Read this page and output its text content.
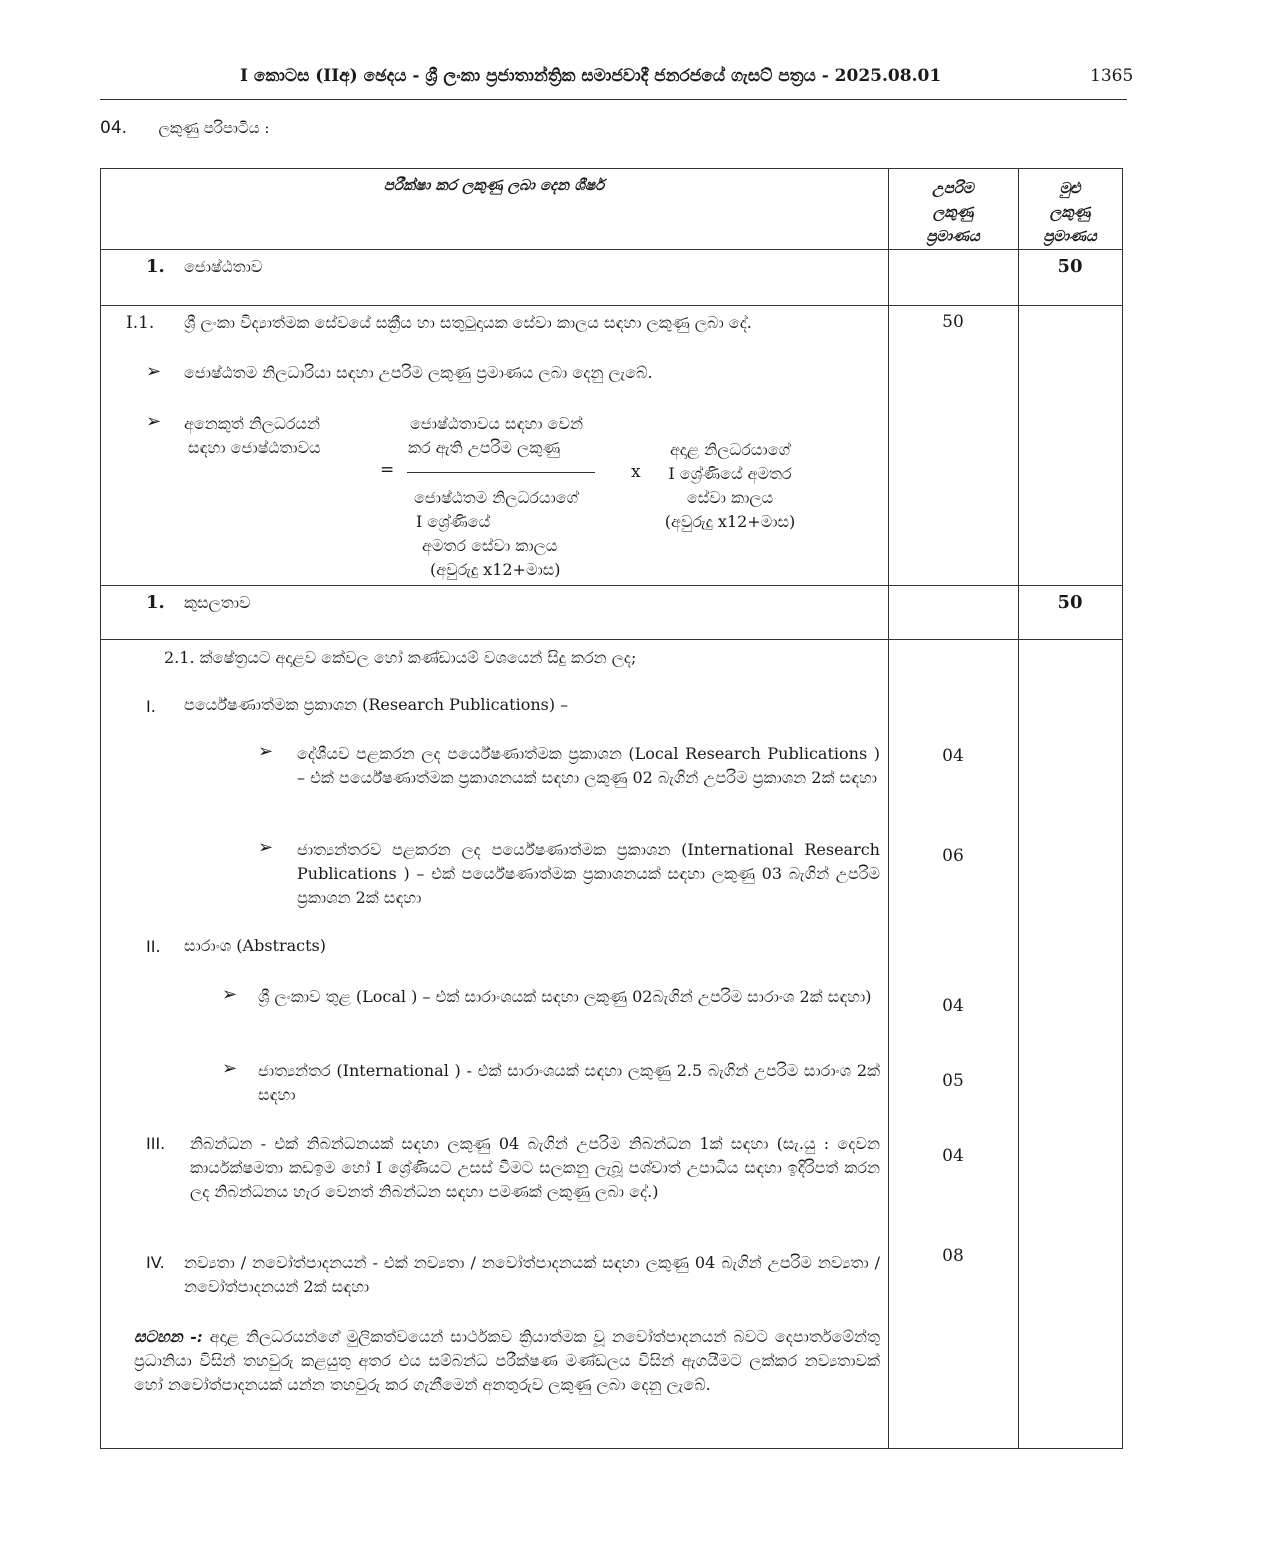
I කොටස (IIඅ) ඡෙදය - ශ්‍රී ලංකා ප්‍රජාතාන්ත්‍රික සමාජවාදී ජනරජයේ ගැසට් පත්‍රය - 2025.08.01	1365
04. ලකුණු පරිපාටිය :
පරීක්ෂා කර ලකුණු ලබා දෙන ශීර්ෂ	උපරිම
ලකුණු
ප්‍රමාණය
මුළු
ලකුණු
ප්‍රමාණය
1. ජොෂ්ඨතාව	50
I.1. ශ්‍රී ලංකා විද්‍යාත්මක සේවයේ සක්‍රීය හා සතුටුදායක සේවා කාලය සඳහා ලකුණු ලබා දේ.	50
➢ ජොෂ්ඨතම නිලධාරියා සඳහා උපරිම ලකුණු ප්‍රමාණය ලබා දෙනු ලැබේ.
➢ අනෙකුත් නිලධරයන්
සඳහා ජොෂ්ඨතාවය
=
ජොෂ්ඨතාවය සඳහා වෙන්
කර ඇති උපරිම ලකුණු
ජොෂ්ඨතම නිලධරයාගේ
I ශ්‍රේණියේ
අමතර සේවා කාලය
(අවුරුදු x12+මාස)
x
අදාළ නිලධරයාගේ
I ශ්‍රේණියේ අමතර
සේවා කාලය
(අවුරුදු x12+මාස)
1. කුසලතාව	50
2.1. ක්ෂේත්‍රයට අදාළව කේවල හෝ කණ්ඩායම් වශයෙන් සිදු කරන ලද;
I. පර්යේෂණාත්මක ප්‍රකාශන (Research Publications) –
➢ දේශීයව පළකරන ලද පර්යේෂණාත්මක ප්‍රකාශන (Local Research Publications ) – එක් පර්යේෂණාත්මක ප්‍රකාශනයක් සඳහා ලකුණු 02 බැගින් උපරිම ප්‍රකාශන 2ක් සඳහා
04
➢ ජාත්‍යන්තරව පළකරන ලද පර්යේෂණාත්මක ප්‍රකාශන (International Research Publications ) – එක් පර්යේෂණාත්මක ප්‍රකාශනයක් සඳහා ලකුණු 03 බැගින් උපරිම ප්‍රකාශන 2ක් සඳහා
06
II. සාරාංශ (Abstracts)
➢ ශ්‍රී ලංකාව තුළ (Local ) – එක් සාරාංශයක් සඳහා ලකුණු 02බැගින් උපරිම සාරාංශ 2ක් සඳහා)	04
➢ ජාත්‍යන්තර (International ) - එක් සාරාංශයක් සඳහා ලකුණු 2.5 බැගින් උපරිම සාරාංශ 2ක් සඳහා
05
III. නිබන්ධන - එක් නිබන්ධනයක් සඳහා ලකුණු 04 බැගින් උපරිම නිබන්ධන 1ක් සඳහා (සැ.යු : දෙවන කාර්යක්ෂමතා කඩඉම හෝ I ශ්‍රේණියට උසස් වීමට සලකනු ලැබූ පශ්චාත් උපාධිය සඳහා ඉදිරිපත් කරන ලද නිබන්ධනය හැර වෙනත් නිබන්ධන සඳහා පමණක් ලකුණු ලබා දේ.)
04
IV. නව්‍යතා / නවෝත්පාදනයන් - එක් නව්‍යතා / නවෝත්පාදනයක් සඳහා ලකුණු 04 බැගින් උපරිම නව්‍යතා / නවෝත්පාදනයන් 2ක් සඳහා
08
සටහන -: අදාළ නිලධරයන්ගේ මුලිකත්වයෙන් සාර්ථකව ක්‍රියාත්මක වූ නවෝත්පාදනයන් බවට දෙපාර්තමේන්තු ප්‍රධානියා විසින් තහවුරු කළයුතු අතර එය සම්බන්ධ පරීක්ෂණ මණ්ඩලය විසින් ඇගයීමට ලක්කර නව්‍යතාවක් හෝ නවෝත්පාදනයක් යන්න තහවුරු කර ගැනීමෙන් අනතුරුව ලකුණු ලබා දෙනු ලැබේ.
